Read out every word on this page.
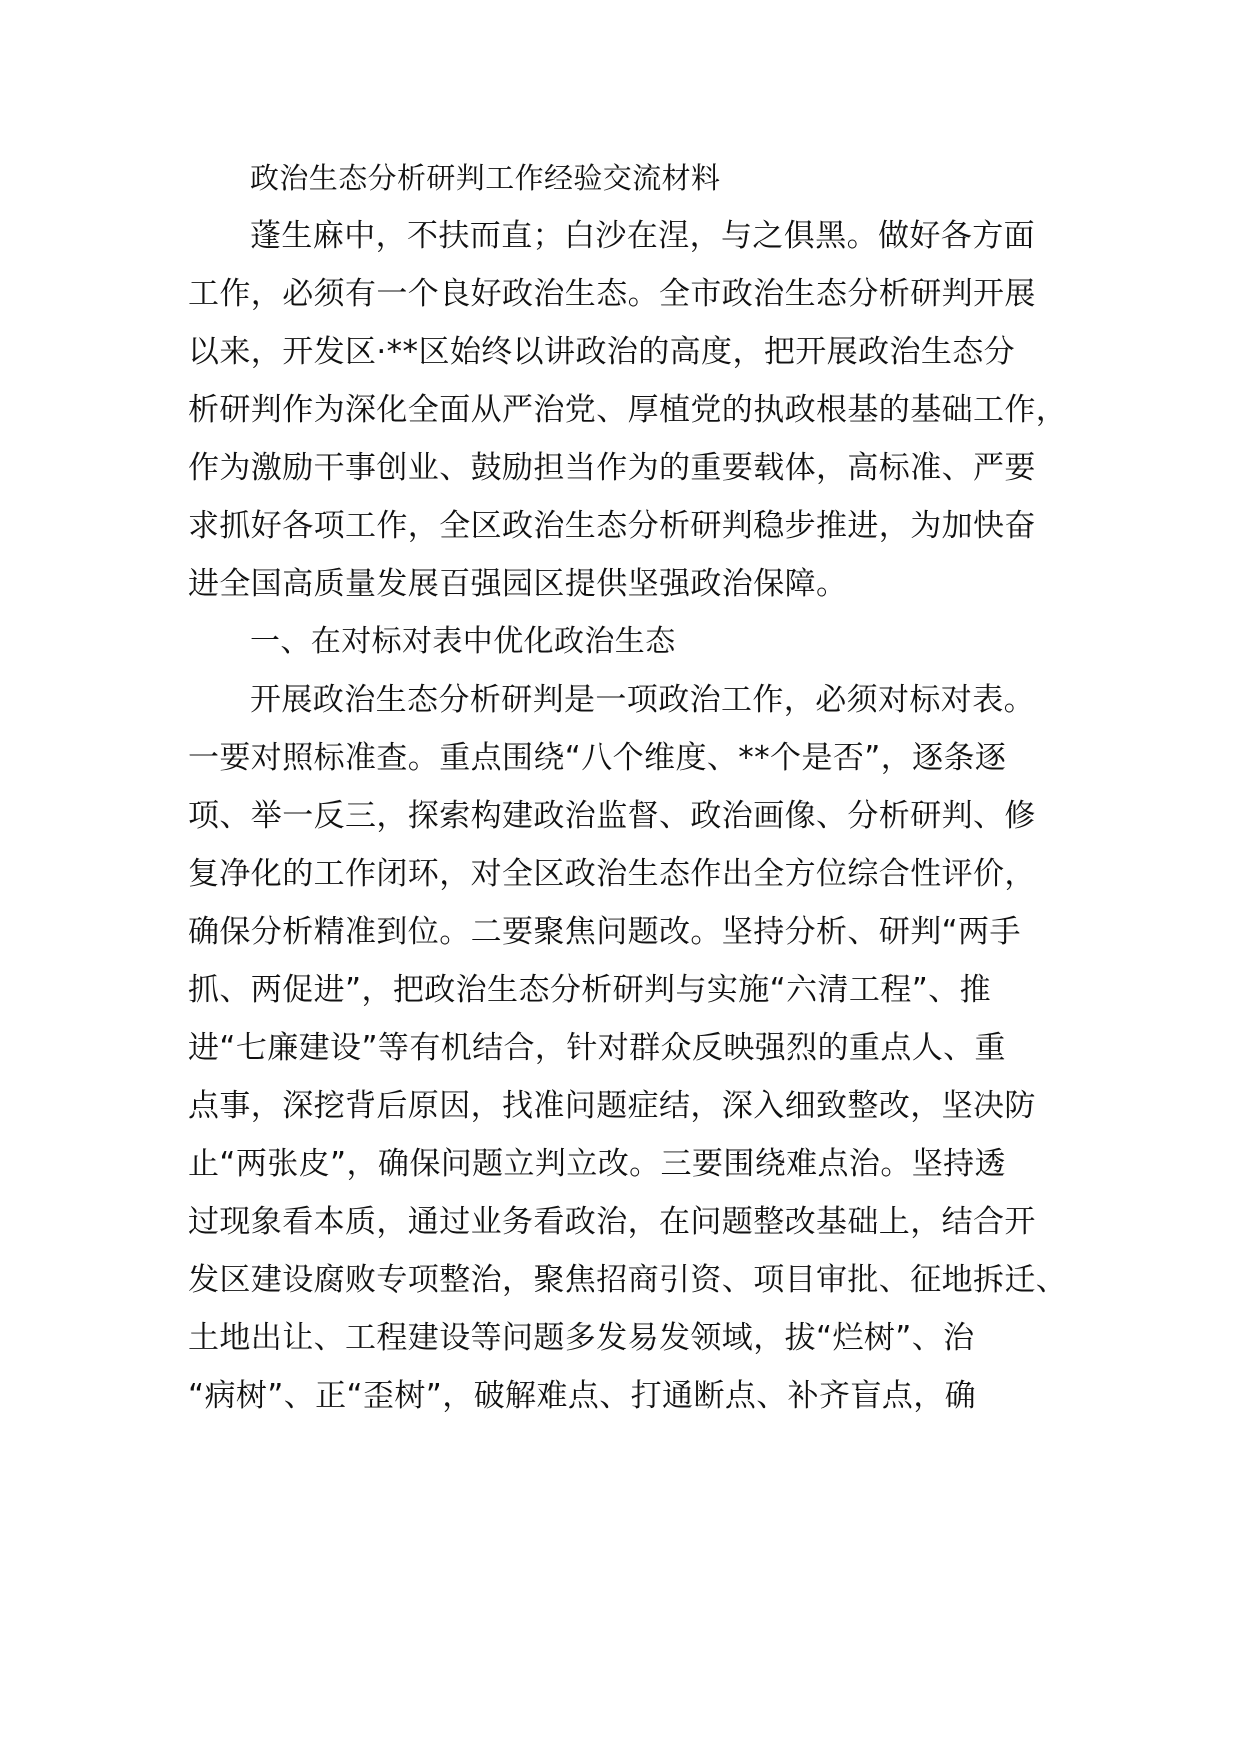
政治生态分析研判工作经验交流材料

蓬生麻中，不扶而直；白沙在涅，与之俱黑。做好各方面

工作，必须有一个良好政治生态。全市政治生态分析研判开展

以来，开发区·**区始终以讲政治的高度，把开展政治生态分

析研判作为深化全面从严治党、厚植党的执政根基的基础工作，

作为激励干事创业、鼓励担当作为的重要载体，高标准、严要

求抓好各项工作，全区政治生态分析研判稳步推进，为加快奋

进全国高质量发展百强园区提供坚强政治保障。

一、在对标对表中优化政治生态

开展政治生态分析研判是一项政治工作，必须对标对表。

一要对照标准查。重点围绕“八个维度、**个是否”，逐条逐

项、举一反三，探索构建政治监督、政治画像、分析研判、修

复净化的工作闭环，对全区政治生态作出全方位综合性评价，

确保分析精准到位。二要聚焦问题改。坚持分析、研判“两手

抓、两促进”，把政治生态分析研判与实施“六清工程”、推

进“七廉建设”等有机结合，针对群众反映强烈的重点人、重

点事，深挖背后原因，找准问题症结，深入细致整改，坚决防

止“两张皮”，确保问题立判立改。三要围绕难点治。坚持透

过现象看本质，通过业务看政治，在问题整改基础上，结合开

发区建设腐败专项整治，聚焦招商引资、项目审批、征地拆迁、

土地出让、工程建设等问题多发易发领域，拔“烂树”、治

“病树”、正“歪树”，破解难点、打通断点、补齐盲点，确
